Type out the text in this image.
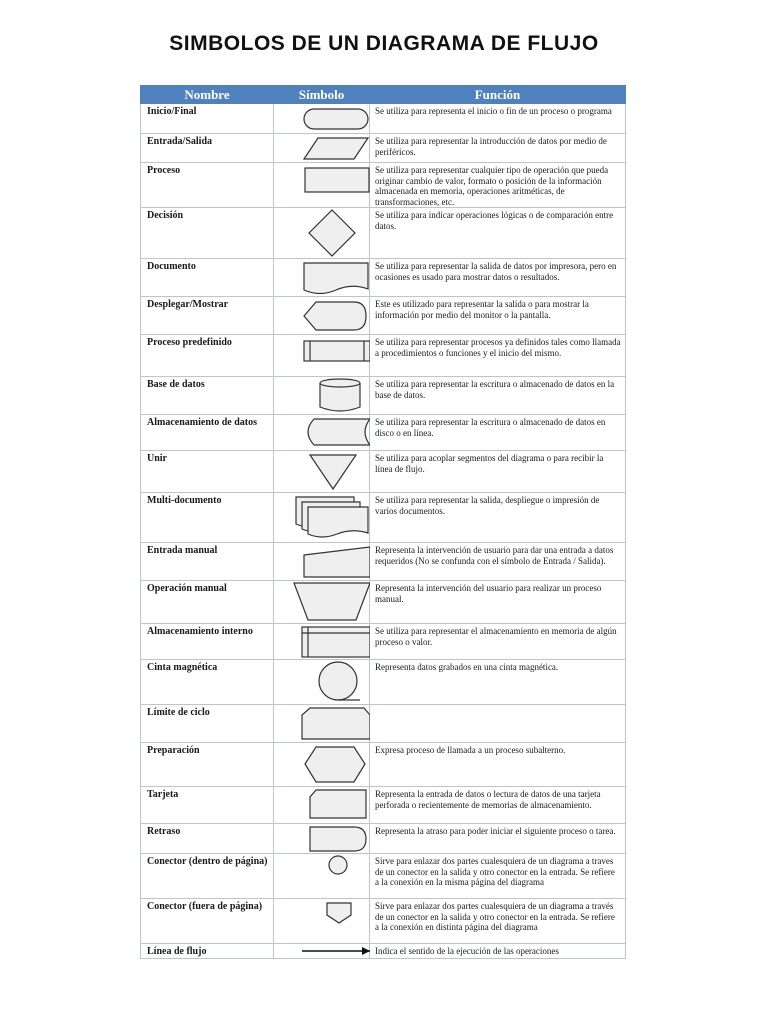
SIMBOLOS DE UN DIAGRAMA DE FLUJO
Nombre	Símbolo	Función
Inicio/Final		Se utiliza para representa el inicio o fin de un proceso o programa
Entrada/Salida		Se utiliza para representar la introducción de datos por medio de periféricos.
Proceso		Se utiliza para representar cualquier tipo de operación que pueda originar cambio de valor, formato o posición de la información almacenada en memoria, operaciones aritméticas, de transformaciones, etc.
Decisión		Se utiliza para indicar operaciones lógicas o de comparación entre datos.
Documento		Se utiliza para representar la salida de datos por impresora, pero en ocasiones es usado para mostrar datos o resultados.
Desplegar/Mostrar		Este es utilizado para representar la salida o para mostrar la información por medio del monitor o la pantalla.
Proceso predefinido		Se utiliza para representar procesos ya definidos tales como llamada a procedimientos o funciones y el inicio del mismo.
Base de datos		Se utiliza para representar la escritura o almacenado de datos en la base de datos.
Almacenamiento de datos		Se utiliza para representar la escritura o almacenado de datos en disco o en línea.
Unir		Se utiliza para acoplar segmentos del diagrama o para recibir la línea de flujo.
Multi-documento		Se utiliza para representar la salida, despliegue o impresión de varios documentos.
Entrada manual		Representa la intervención de usuario para dar una entrada a datos requeridos (No se confunda con el símbolo de Entrada / Salida).
Operación manual		Representa la intervención del usuario para realizar un proceso manual.
Almacenamiento interno		Se utiliza para representar el almacenamiento en memoria de algún proceso o valor.
Cinta magnética		Representa datos grabados en una cinta magnética.
Límite de ciclo	

Preparación		Expresa proceso de llamada a un proceso subalterno.
Tarjeta		Representa la entrada de datos o lectura de datos de una tarjeta perforada o recientemente de memorias de almacenamiento.
Retraso		Representa la atraso para poder iniciar el siguiente proceso o tarea.
Conector (dentro de página)		Sirve para enlazar dos partes cualesquiera de un diagrama a traves de un conector en la salida y otro conector en la entrada. Se refiere a la conexión en la misma página del diagrama
Conector (fuera de página)		Sirve para enlazar dos partes cualesquiera de un diagrama a través de un conector en la salida y otro conector en la entrada. Se refiere a la conexión en distinta página del diagrama
Línea de flujo		Indica el sentido de la ejecución de las operaciones
